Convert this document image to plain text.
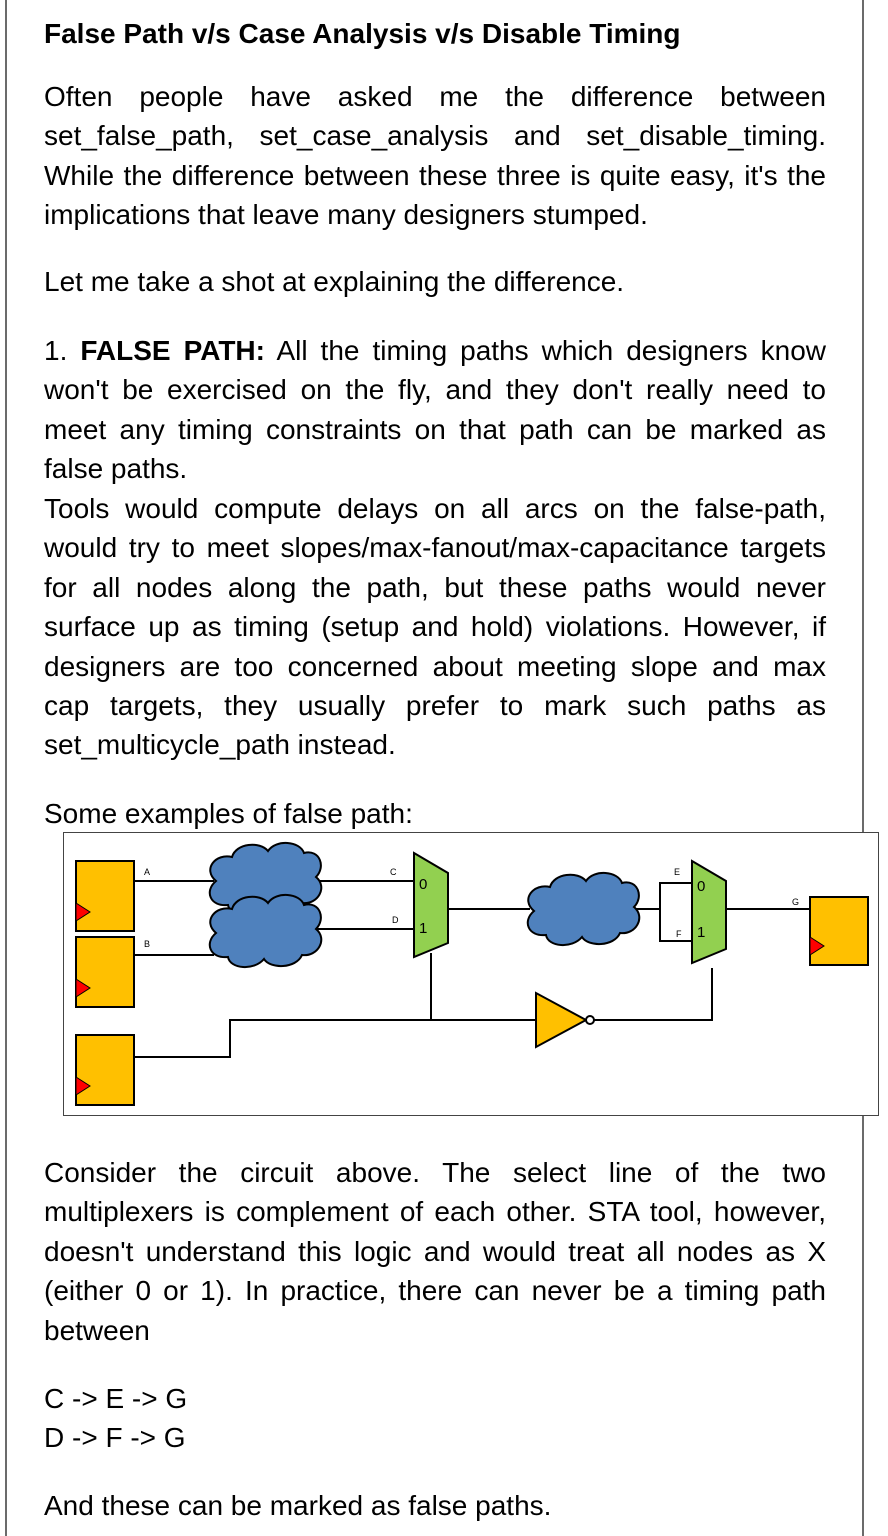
False Path v/s Case Analysis v/s Disable Timing
Often people have asked me the difference between set_false_path, set_case_analysis and set_disable_timing. While the difference between these three is quite easy, it's the implications that leave many designers stumped.
Let me take a shot at explaining the difference.
1. FALSE PATH: All the timing paths which designers know won't be exercised on the fly, and they don't really need to meet any timing constraints on that path can be marked as false paths.
Tools would compute delays on all arcs on the false-path, would try to meet slopes/max-fanout/max-capacitance targets for all nodes along the path, but these paths would never surface up as timing (setup and hold) violations. However, if designers are too concerned about meeting slope and max cap targets, they usually prefer to mark such paths as set_multicycle_path instead.
Some examples of false path:
0
1
0
1
A
B
C
D
E
F
G
Consider the circuit above. The select line of the two multiplexers is complement of each other. STA tool, however, doesn't understand this logic and would treat all nodes as X (either 0 or 1). In practice, there can never be a timing path between
C -> E -> G
D -> F -> G
And these can be marked as false paths.
